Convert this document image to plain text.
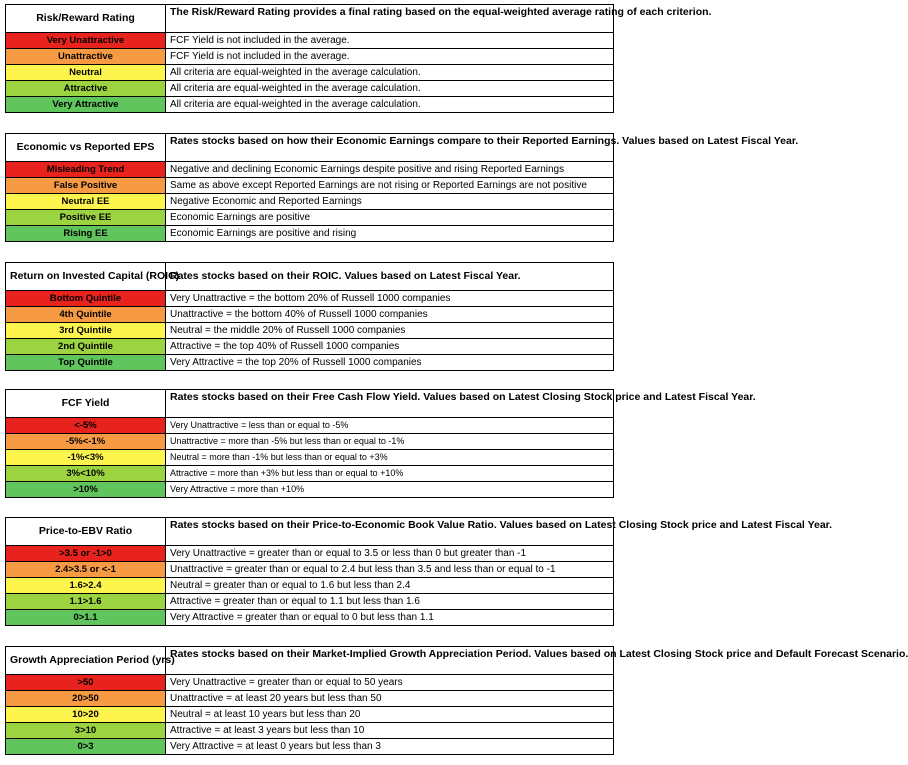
Risk/Reward Rating	The Risk/Reward Rating provides a final rating based on the equal-weighted average rating of each criterion.
Very Unattractive	FCF Yield is not included in the average.
Unattractive	FCF Yield is not included in the average.
Neutral	All criteria are equal-weighted in the average calculation.
Attractive	All criteria are equal-weighted in the average calculation.
Very Attractive	All criteria are equal-weighted in the average calculation.
Economic vs Reported EPS	Rates stocks based on how their Economic Earnings compare to their Reported Earnings. Values based on Latest Fiscal Year.
Misleading Trend	Negative and declining Economic Earnings despite positive and rising Reported Earnings
False Positive	Same as above except Reported Earnings are not rising or Reported Earnings are not positive
Neutral EE	Negative Economic and Reported Earnings
Positive EE	Economic Earnings are positive
Rising EE	Economic Earnings are positive and rising
Return on Invested Capital (ROIC)	Rates stocks based on their ROIC. Values based on Latest Fiscal Year.
Bottom Quintile	Very Unattractive = the bottom 20% of Russell 1000 companies
4th Quintile	Unattractive = the bottom 40% of Russell 1000 companies
3rd Quintile	Neutral = the middle 20% of Russell 1000 companies
2nd Quintile	Attractive = the top 40% of Russell 1000 companies
Top Quintile	Very Attractive = the top 20% of Russell 1000 companies
FCF Yield	Rates stocks based on their Free Cash Flow Yield. Values based on Latest Closing Stock price and Latest Fiscal Year.
<-5%	Very Unattractive = less than or equal to -5%
-5%<-1%	Unattractive = more than -5% but less than or equal to -1%
-1%<3%	Neutral = more than -1% but less than or equal to +3%
3%<10%	Attractive = more than +3% but less than or equal to +10%
>10%	Very Attractive = more than +10%
Price-to-EBV Ratio	Rates stocks based on their Price-to-Economic Book Value Ratio. Values based on Latest Closing Stock price and Latest Fiscal Year.
>3.5 or -1>0	Very Unattractive = greater than or equal to 3.5 or less than 0 but greater than -1
2.4>3.5 or <-1	Unattractive = greater than or equal to 2.4 but less than 3.5 and less than or equal to -1
1.6>2.4	Neutral = greater than or equal to 1.6 but less than 2.4
1.1>1.6	Attractive = greater than or equal to 1.1 but less than 1.6
0>1.1	Very Attractive = greater than or equal to 0 but less than 1.1
Growth Appreciation Period (yrs)	Rates stocks based on their Market-Implied Growth Appreciation Period. Values based on Latest Closing Stock price and Default Forecast Scenario.
>50	Very Unattractive = greater than or equal to 50 years
20>50	Unattractive = at least 20 years but less than 50
10>20	Neutral = at least 10 years but less than 20
3>10	Attractive = at least 3 years but less than 10
0>3	Very Attractive = at least 0 years but less than 3
